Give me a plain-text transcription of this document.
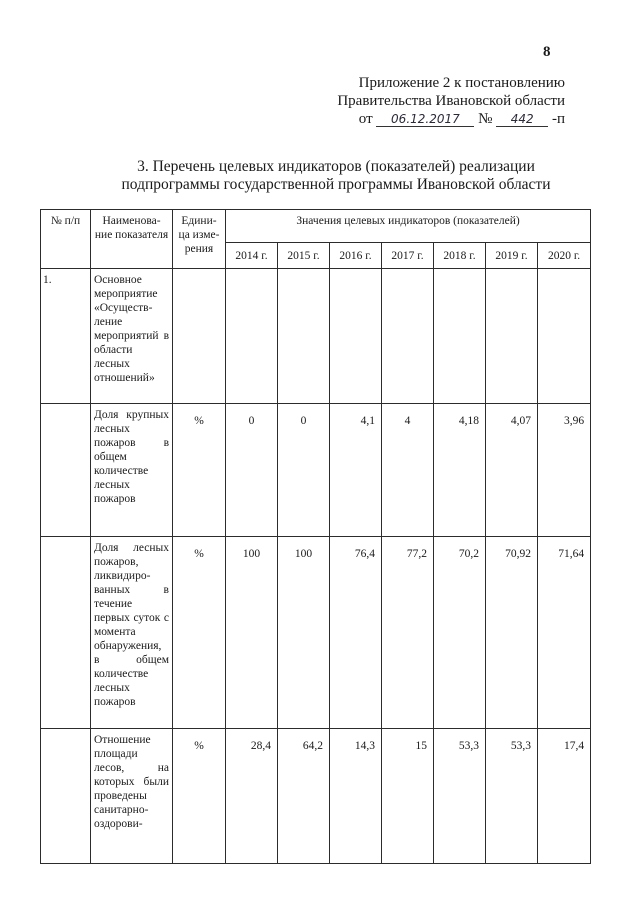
8
Приложение 2 к постановлению
Правительства Ивановской области
от 06.12.2017 № 442 -п
3. Перечень целевых индикаторов (показателей) реализации
подпрограммы государственной программы Ивановской области
№ п/п	Наименова-ние показателя	Едини-ца изме-рения	Значения целевых индикаторов (показателей)						
			2014 г.	2015 г.	2016 г.	2017 г.	2018 г.	2019 г.	2020 г.
1.	Основное мероприятие «Осуществ-ление мероприятий в области лесных отношений»								
	Доля крупных лесных пожаров в общем количестве лесных пожаров	%	0	0	4,1	4	4,18	4,07	3,96
	Доля лесных пожаров, ликвидиро-ванных в течение первых суток с момента обнаружения, в общем количестве лесных пожаров	%	100	100	76,4	77,2	70,2	70,92	71,64
	Отношение площади лесов, на которых были проведены санитарно-оздорови-	%	28,4	64,2	14,3	15	53,3	53,3	17,4
